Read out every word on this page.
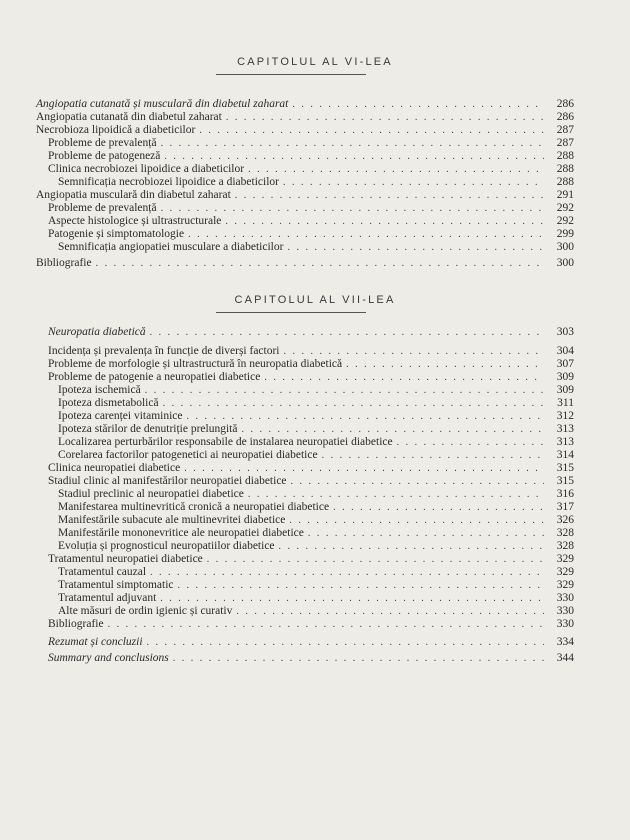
CAPITOLUL AL VI-LEA
Angiopatia cutanată și musculară din diabetul zaharat . . .	286
Angiopatia cutanată din diabetul zaharat . . .	286
Necrobioza lipoidică a diabeticilor . . .	287
Probleme de prevalență . . .	287
Probleme de patogeneză . . .	288
Clinica necrobiozei lipoidice a diabeticilor . . .	288
Semnificația necrobiozei lipoidice a diabeticilor . . .	288
Angiopatia musculară din diabetul zaharat . . .	291
Probleme de prevalență . . .	292
Aspecte histologice și ultrastructurale . . .	292
Patogenie și simptomatologie . . .	299
Semnificația angiopatiei musculare a diabeticilor . . .	300
Bibliografie . . .	300
CAPITOLUL AL VII-LEA
Neuropatia diabetică . . .	303
Incidența și prevalența în funcție de diverși factori . . .	304
Probleme de morfologie și ultrastructură în neuropatia diabetică . . .	307
Probleme de patogenie a neuropatiei diabetice . . .	309
Ipoteza ischemică . . .	309
Ipoteza dismetabolică . . .	311
Ipoteza carenței vitaminice . . .	312
Ipoteza stărilor de denutriție prelungită . . .	313
Localizarea perturbărilor responsabile de instalarea neuropatiei diabetice . . .	313
Corelarea factorilor patogenetici ai neuropatiei diabetice . . .	314
Clinica neuropatiei diabetice . . .	315
Stadiul clinic al manifestărilor neuropatiei diabetice . . .	315
Stadiul preclinic al neuropatiei diabetice . . .	316
Manifestarea multinevritică cronică a neuropatiei diabetice . . .	317
Manifestările subacute ale multinevritei diabetice . . .	326
Manifestările mononevritice ale neuropatiei diabetice . . .	328
Evoluția și prognosticul neuropatiilor diabetice . . .	328
Tratamentul neuropatiei diabetice . . .	329
Tratamentul cauzal . . .	329
Tratamentul simptomatic . . .	329
Tratamentul adjuvant . . .	330
Alte măsuri de ordin igienic și curativ . . .	330
Bibliografie . . .	330
Rezumat și concluzii . . .	334
Summary and conclusions . . .	344
